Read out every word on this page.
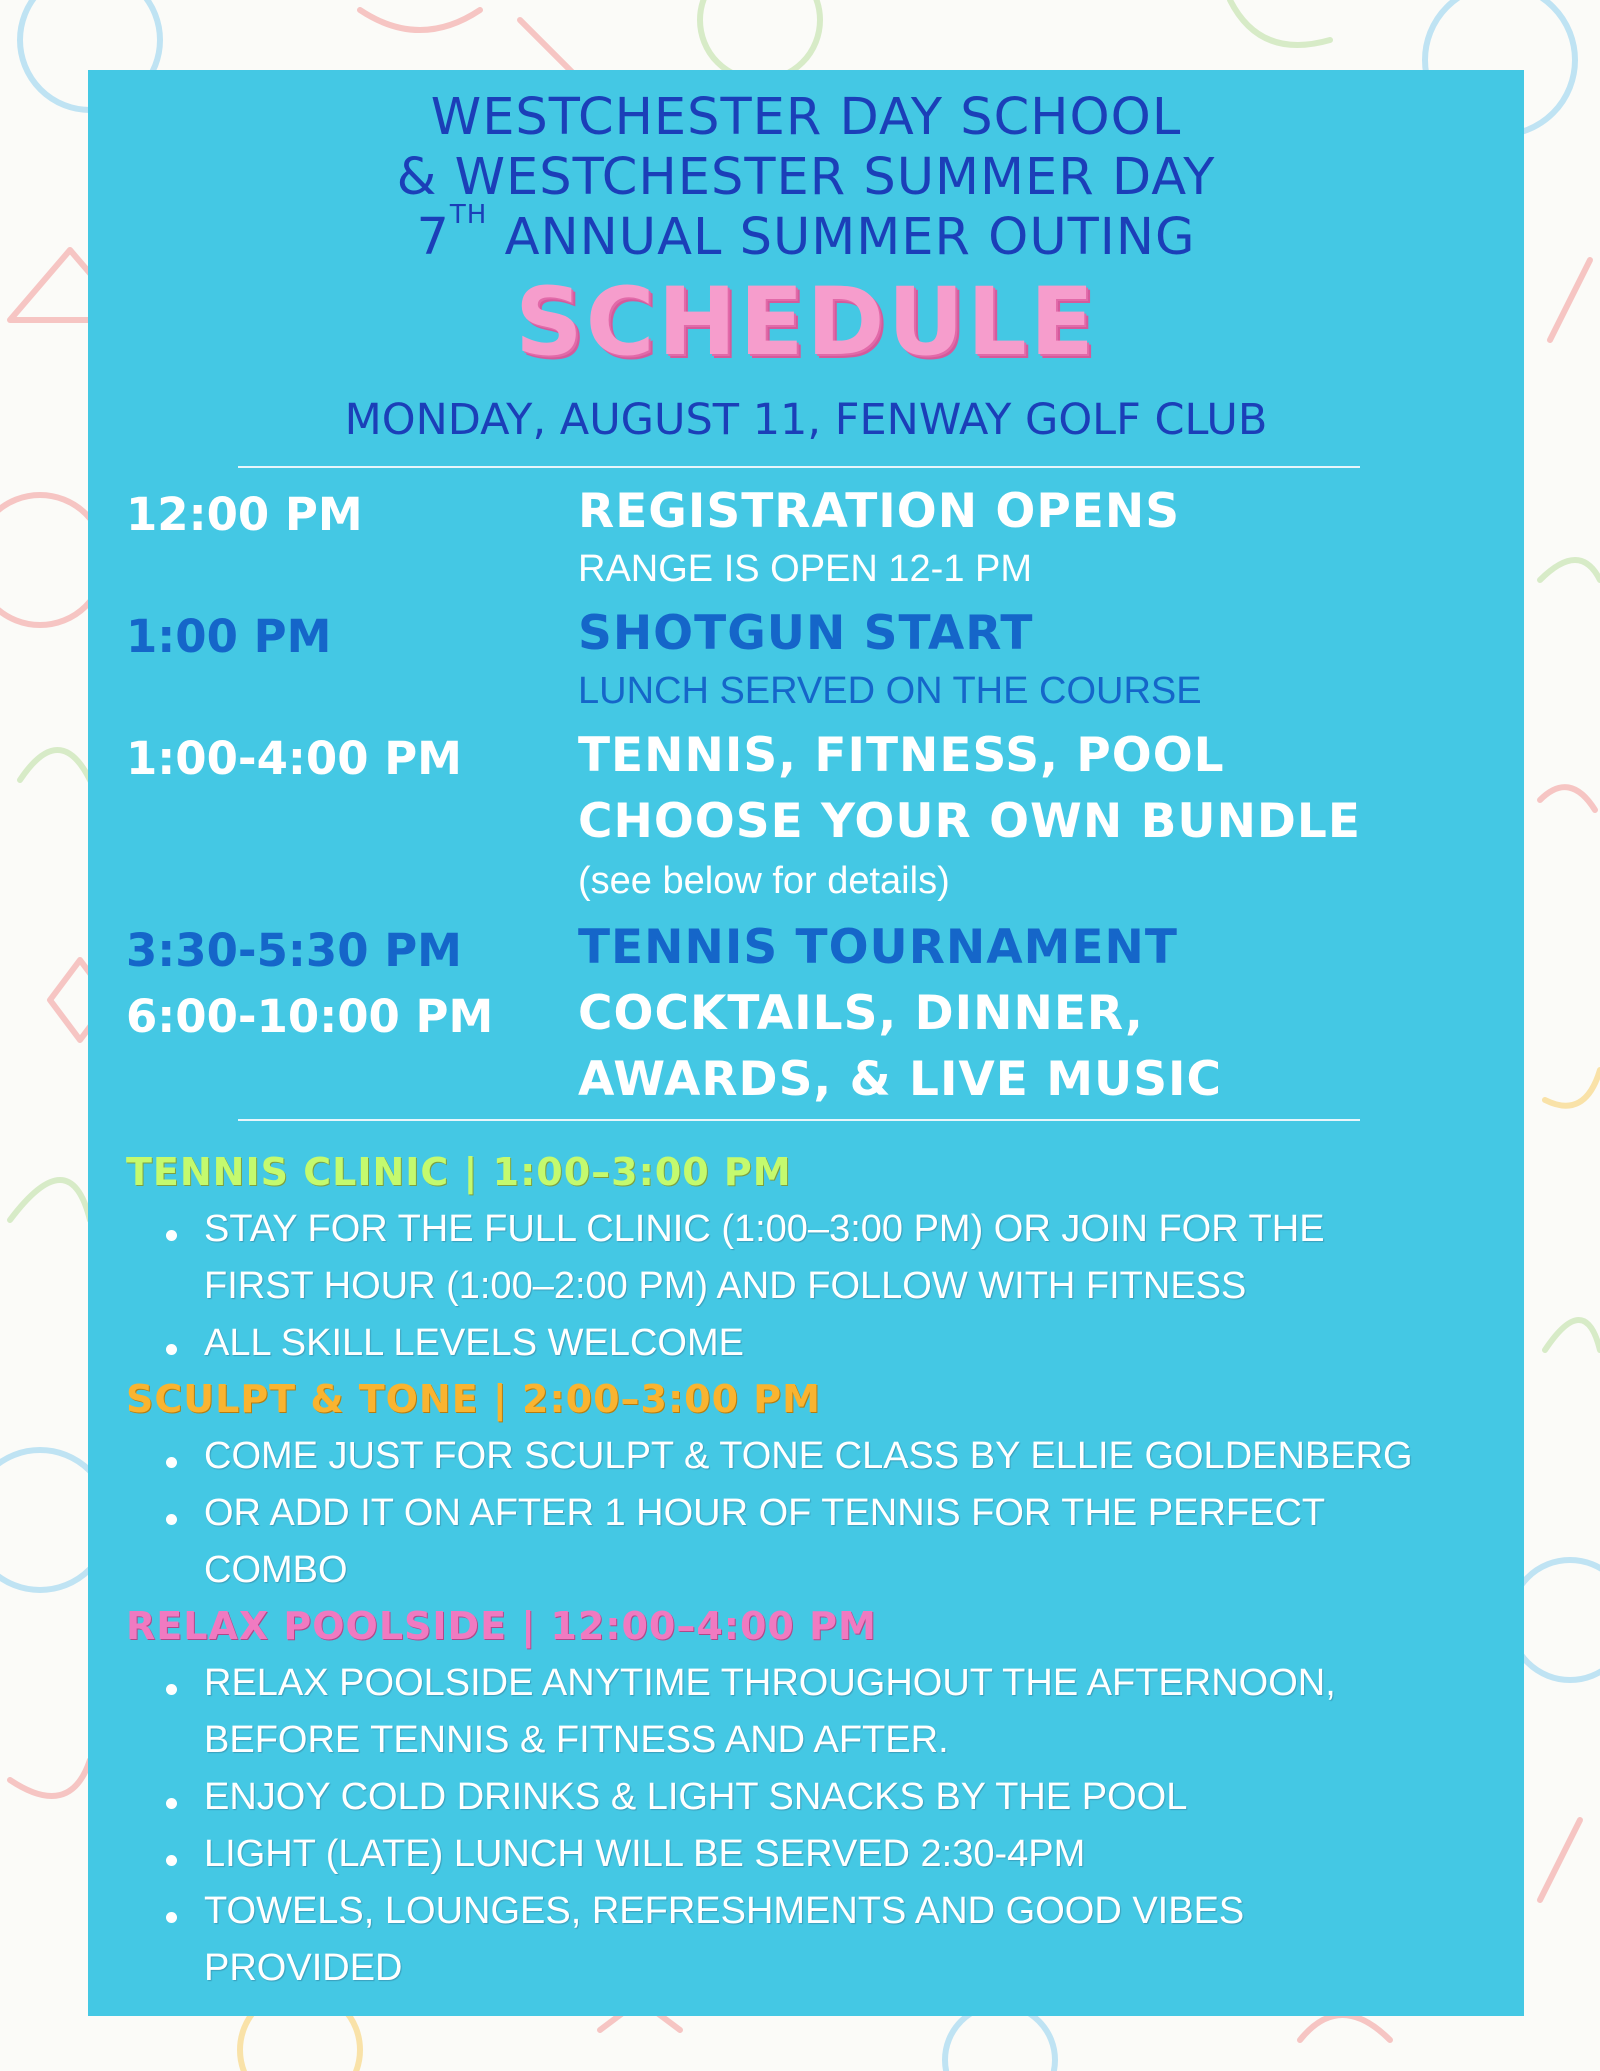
WESTCHESTER DAY SCHOOL
& WESTCHESTER SUMMER DAY
7TH ANNUAL SUMMER OUTING
SCHEDULE
MONDAY, AUGUST 11, FENWAY GOLF CLUB
12:00 PM	REGISTRATION OPENS
RANGE IS OPEN 12-1 PM
1:00 PM	SHOTGUN START
LUNCH SERVED ON THE COURSE
1:00-4:00 PM TENNIS, FITNESS, POOL
CHOOSE YOUR OWN BUNDLE
(see below for details)
3:30-5:30 PM TENNIS TOURNAMENT
6:00-10:00 PM COCKTAILS, DINNER,
AWARDS, & LIVE MUSIC
TENNIS CLINIC | 1:00–3:00 PM
STAY FOR THE FULL CLINIC (1:00–3:00 PM) OR JOIN FOR THE
FIRST HOUR (1:00–2:00 PM) AND FOLLOW WITH FITNESS
ALL SKILL LEVELS WELCOME
SCULPT & TONE | 2:00–3:00 PM
COME JUST FOR SCULPT & TONE CLASS BY ELLIE GOLDENBERG
OR ADD IT ON AFTER 1 HOUR OF TENNIS FOR THE PERFECT
COMBO
RELAX POOLSIDE | 12:00–4:00 PM
RELAX POOLSIDE ANYTIME THROUGHOUT THE AFTERNOON,
BEFORE TENNIS & FITNESS AND AFTER.
ENJOY COLD DRINKS & LIGHT SNACKS BY THE POOL
LIGHT (LATE) LUNCH WILL BE SERVED 2:30-4PM
TOWELS, LOUNGES, REFRESHMENTS AND GOOD VIBES
PROVIDED
